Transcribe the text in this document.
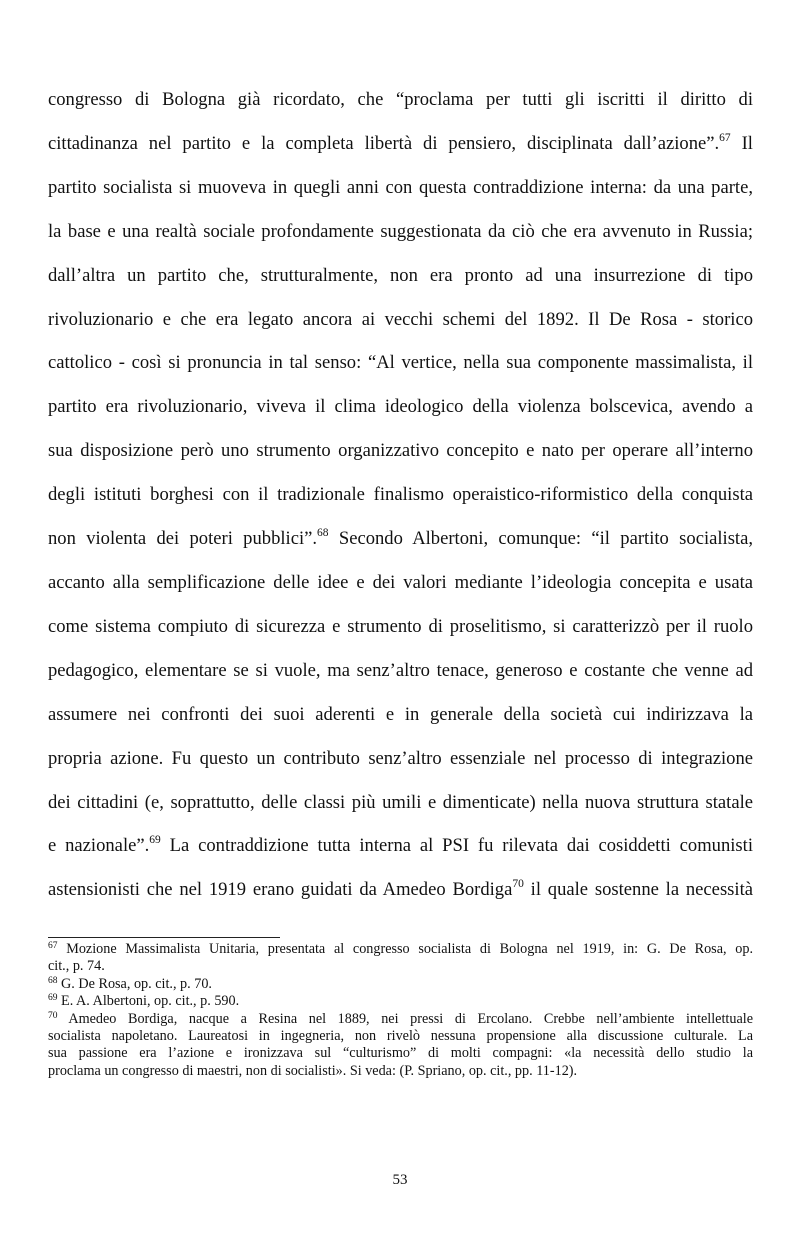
congresso di Bologna già ricordato, che “proclama per tutti gli iscritti il diritto di
cittadinanza nel partito e la completa libertà di pensiero, disciplinata dall’azione”.$^{67}$ Il
partito socialista si muoveva in quegli anni con questa contraddizione interna: da una parte,
la base e una realtà sociale profondamente suggestionata da ciò che era avvenuto in Russia;
dall’altra un partito che, strutturalmente, non era pronto ad una insurrezione di tipo
rivoluzionario e che era legato ancora ai vecchi schemi del 1892. Il De Rosa - storico
cattolico - così si pronuncia in tal senso: “Al vertice, nella sua componente massimalista, il
partito era rivoluzionario, viveva il clima ideologico della violenza bolscevica, avendo a
sua disposizione però uno strumento organizzativo concepito e nato per operare all’interno
degli istituti borghesi con il tradizionale finalismo operaistico-riformistico della conquista
non violenta dei poteri pubblici”.$^{68}$ Secondo Albertoni, comunque: “il partito socialista,
accanto alla semplificazione delle idee e dei valori mediante l’ideologia concepita e usata
come sistema compiuto di sicurezza e strumento di proselitismo, si caratterizzò per il ruolo
pedagogico, elementare se si vuole, ma senz’altro tenace, generoso e costante che venne ad
assumere nei confronti dei suoi aderenti e in generale della società cui indirizzava la
propria azione. Fu questo un contributo senz’altro essenziale nel processo di integrazione
dei cittadini (e, soprattutto, delle classi più umili e dimenticate) nella nuova struttura statale
e nazionale”.$^{69}$ La contraddizione tutta interna al PSI fu rilevata dai cosiddetti comunisti
astensionisti che nel 1919 erano guidati da Amedeo Bordiga$^{70}$ il quale sostenne la necessità
$^{67}$ Mozione Massimalista Unitaria, presentata al congresso socialista di Bologna nel 1919, in: G. De Rosa, op.
cit., p. 74.
$^{68}$ G. De Rosa, op. cit., p. 70.
$^{69}$ E. A. Albertoni, op. cit., p. 590.
$^{70}$ Amedeo Bordiga, nacque a Resina nel 1889, nei pressi di Ercolano. Crebbe nell’ambiente intellettuale
socialista napoletano. Laureatosi in ingegneria, non rivelò nessuna propensione alla discussione culturale. La
sua passione era l’azione e ironizzava sul “culturismo” di molti compagni: «la necessità dello studio la
proclama un congresso di maestri, non di socialisti». Si veda: (P. Spriano, op. cit., pp. 11-12).
53
